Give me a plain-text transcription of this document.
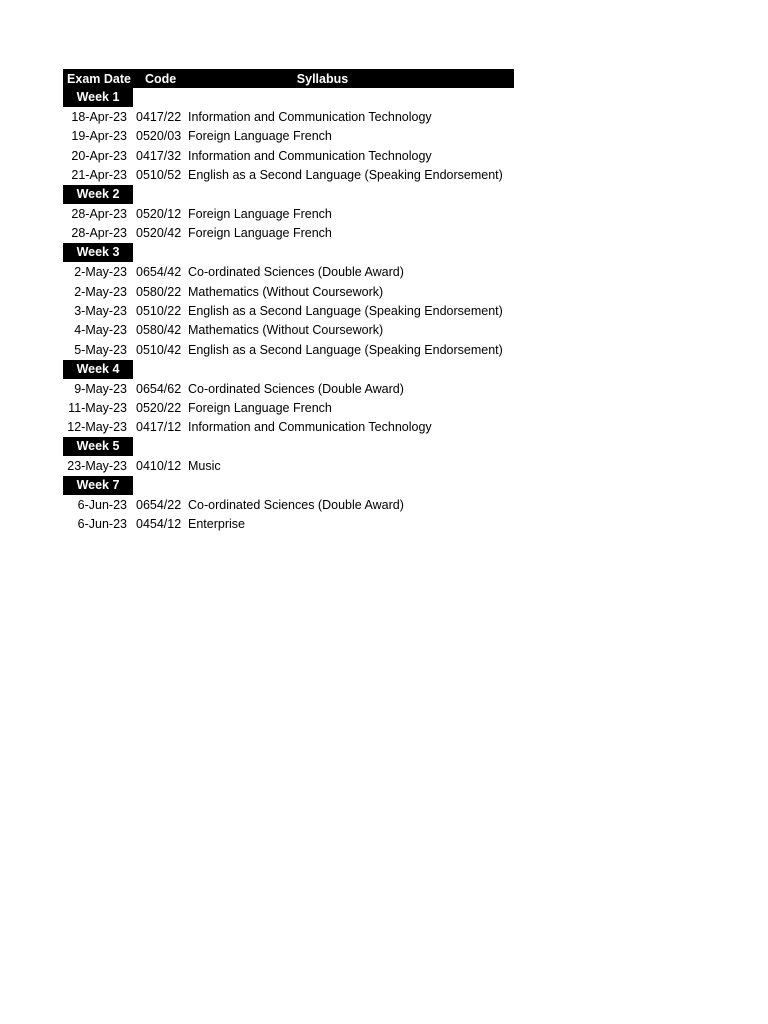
Exam Date	Code	Syllabus
Week 1
18-Apr-23 0417/22 Information and Communication Technology
19-Apr-23 0520/03 Foreign Language French
20-Apr-23 0417/32 Information and Communication Technology
21-Apr-23 0510/52 English as a Second Language (Speaking Endorsement)
Week 2
28-Apr-23 0520/12 Foreign Language French
28-Apr-23 0520/42 Foreign Language French
Week 3
2-May-23 0654/42 Co-ordinated Sciences (Double Award)
2-May-23 0580/22 Mathematics (Without Coursework)
3-May-23 0510/22 English as a Second Language (Speaking Endorsement)
4-May-23 0580/42 Mathematics (Without Coursework)
5-May-23 0510/42 English as a Second Language (Speaking Endorsement)
Week 4
9-May-23 0654/62 Co-ordinated Sciences (Double Award)
11-May-23 0520/22 Foreign Language French
12-May-23 0417/12 Information and Communication Technology
Week 5
23-May-23 0410/12 Music
Week 7
6-Jun-23 0654/22 Co-ordinated Sciences (Double Award)
6-Jun-23 0454/12 Enterprise
